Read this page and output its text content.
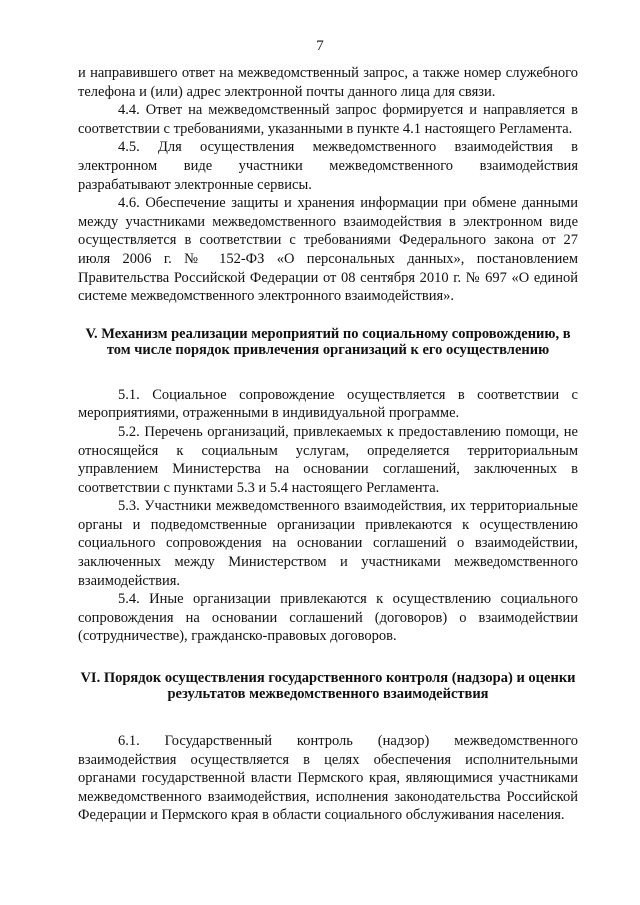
7

и направившего ответ на межведомственный запрос, а также номер служебного телефона и (или) адрес электронной почты данного лица для связи.

4.4. Ответ на межведомственный запрос формируется и направляется в соответствии с требованиями, указанными в пункте 4.1 настоящего Регламента.

4.5. Для осуществления межведомственного взаимодействия в электронном виде участники межведомственного взаимодействия разрабатывают электронные сервисы.

4.6. Обеспечение защиты и хранения информации при обмене данными между участниками межведомственного взаимодействия в электронном виде осуществляется в соответствии с требованиями Федерального закона от 27 июля 2006 г. № 152-ФЗ «О персональных данных», постановлением Правительства Российской Федерации от 08 сентября 2010 г. № 697 «О единой системе межведомственного электронного взаимодействия».

V. Механизм реализации мероприятий по социальному сопровождению, в том числе порядок привлечения организаций к его осуществлению

5.1. Социальное сопровождение осуществляется в соответствии с мероприятиями, отраженными в индивидуальной программе.

5.2. Перечень организаций, привлекаемых к предоставлению помощи, не относящейся к социальным услугам, определяется территориальным управлением Министерства на основании соглашений, заключенных в соответствии с пунктами 5.3 и 5.4 настоящего Регламента.

5.3. Участники межведомственного взаимодействия, их территориальные органы и подведомственные организации привлекаются к осуществлению социального сопровождения на основании соглашений о взаимодействии, заключенных между Министерством и участниками межведомственного взаимодействия.

5.4. Иные организации привлекаются к осуществлению социального сопровождения на основании соглашений (договоров) о взаимодействии (сотрудничестве), гражданско-правовых договоров.

VI. Порядок осуществления государственного контроля (надзора) и оценки результатов межведомственного взаимодействия

6.1. Государственный контроль (надзор) межведомственного взаимодействия осуществляется в целях обеспечения исполнительными органами государственной власти Пермского края, являющимися участниками межведомственного взаимодействия, исполнения законодательства Российской Федерации и Пермского края в области социального обслуживания населения.
